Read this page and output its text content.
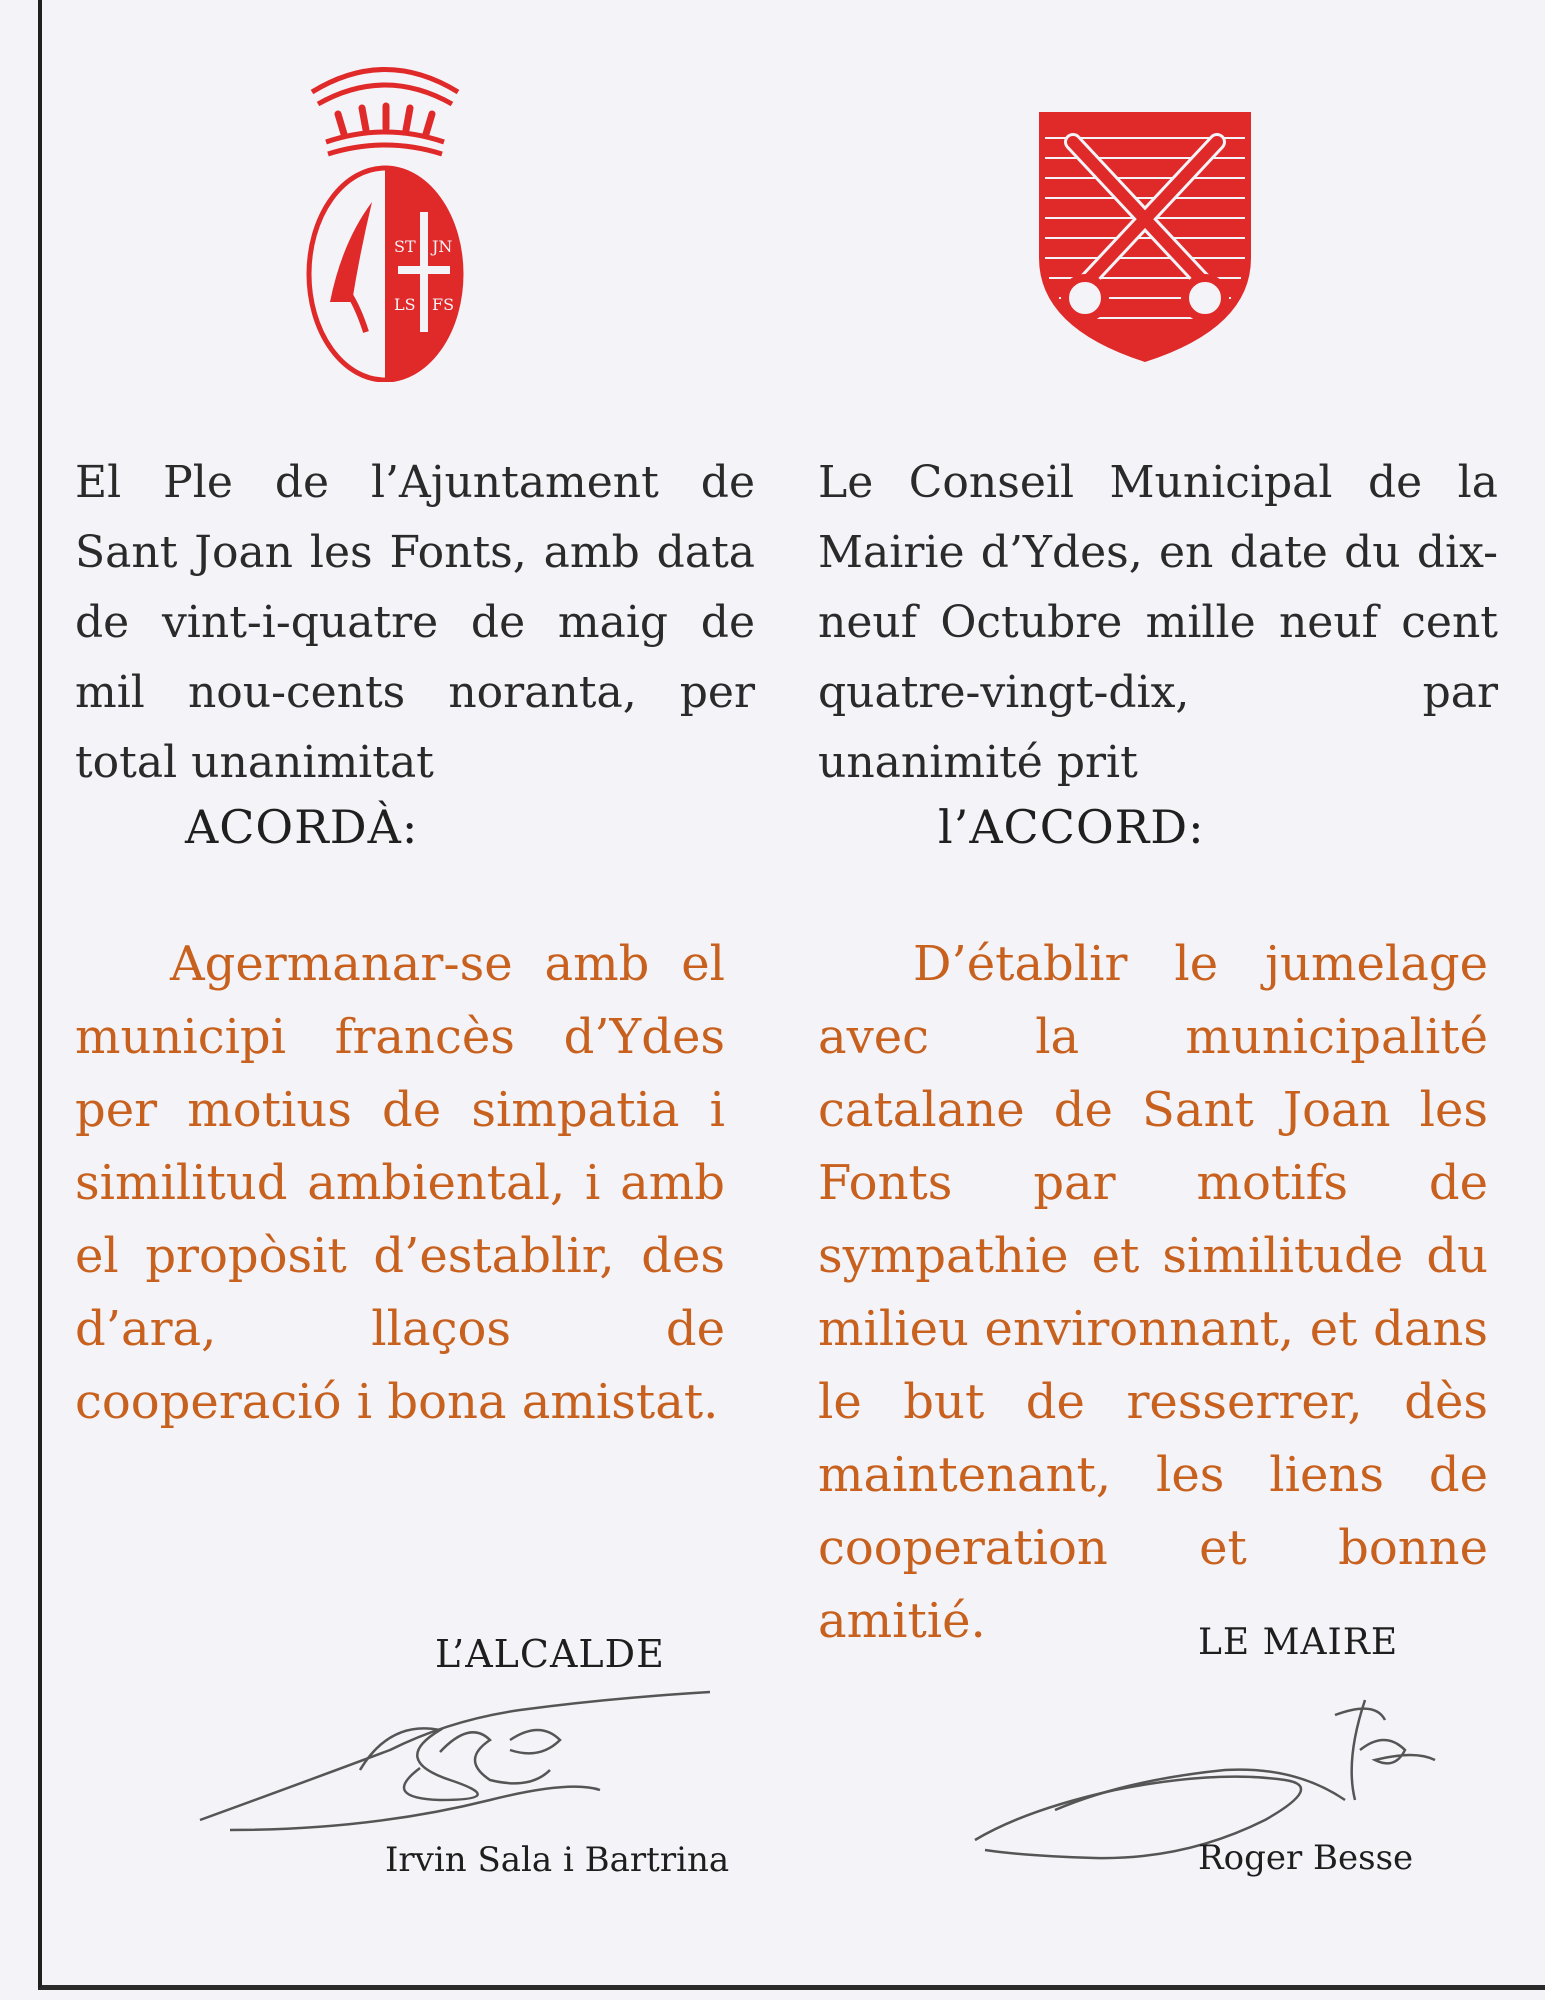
ST JN
LS FS

El Ple de l’Ajuntament de Sant Joan les Fonts, amb data de vint-i-quatre de maig de mil nou-cents noranta, per total unanimitat

ACORDÀ:

Agermanar-se amb el municipi francès d’Ydes per motius de simpatia i similitud ambiental, i amb el propòsit d’establir, des d’ara, llaços de cooperació i bona amistat.

Le Conseil Municipal de la Mairie d’Ydes, en date du dix-neuf Octubre mille neuf cent quatre-vingt-dix, par unanimité prit

l’ACCORD:

D’établir le jumelage avec la municipalité catalane de Sant Joan les Fonts par motifs de sympathie et similitude du milieu environnant, et dans le but de resserrer, dès maintenant, les liens de cooperation et bonne amitié.

L’ALCALDE	LE MAIRE
Irvin Sala i Bartrina	Roger Besse
